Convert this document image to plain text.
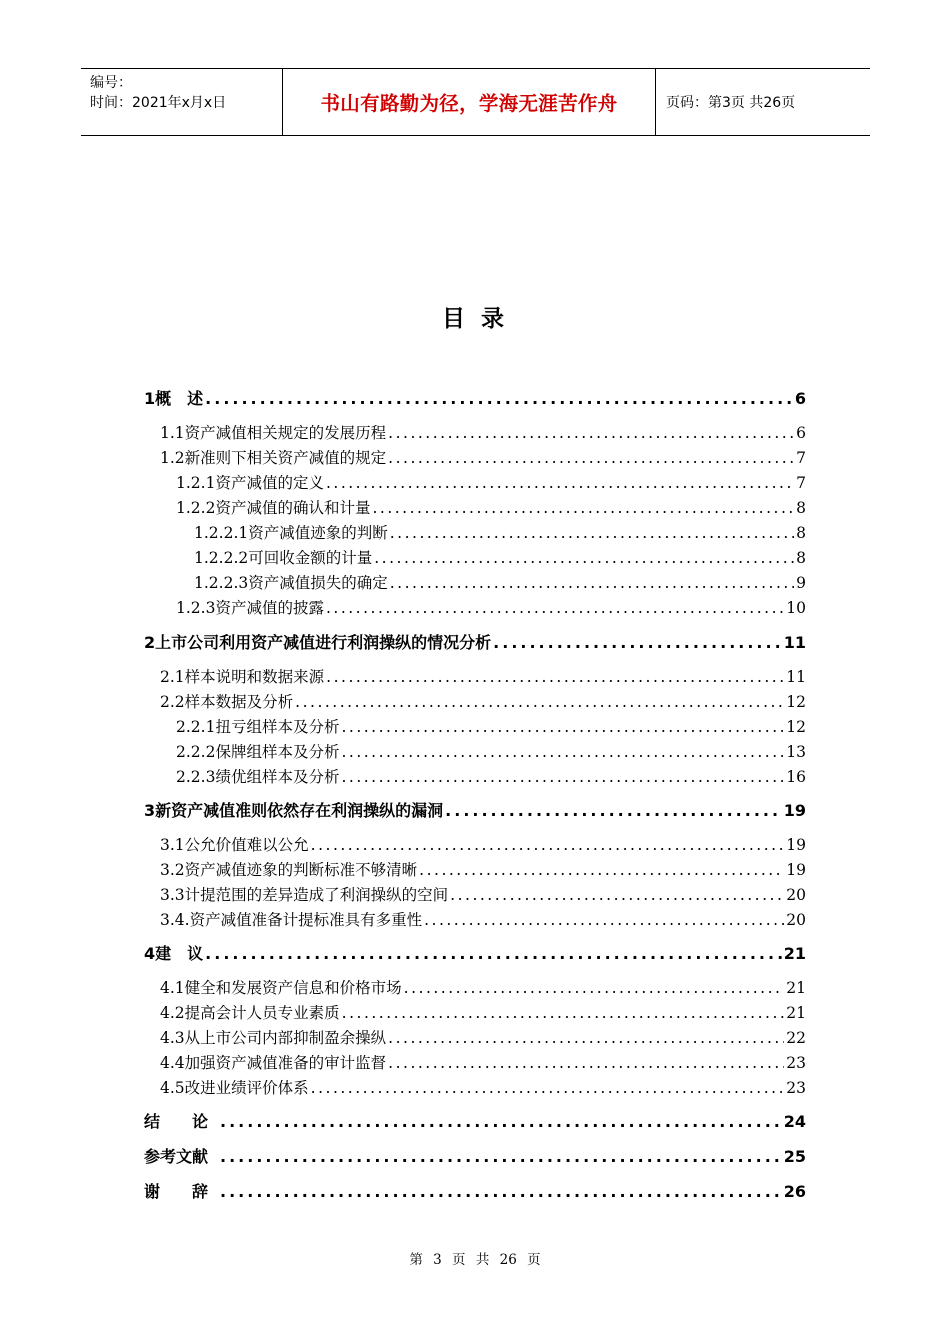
编号：
时间：2021年x月x日	书山有路勤为径，学海无涯苦作舟	页码：第3页 共26页
目 录
1 概　述 .....	6
1.1 资产减值相关规定的发展历程 .....	6
1.2 新准则下相关资产减值的规定 .....	7
1.2.1 资产减值的定义 .....	7
1.2.2 资产减值的确认和计量 .....	8
1.2.2.1 资产减值迹象的判断 .....	8
1.2.2.2 可回收金额的计量 .....	8
1.2.2.3 资产减值损失的确定 .....	9
1.2.3 资产减值的披露 .....	10
2 上市公司利用资产减值进行利润操纵的情况分析 .....	11
2.1 样本说明和数据来源 .....	11
2.2 样本数据及分析 .....	12
2.2.1 扭亏组样本及分析 .....	12
2.2.2 保牌组样本及分析 .....	13
2.2.3 绩优组样本及分析 .....	16
3 新资产减值准则依然存在利润操纵的漏洞 .....	19
3.1 公允价值难以公允 .....	19
3.2 资产减值迹象的判断标准不够清晰 .....	19
3.3 计提范围的差异造成了利润操纵的空间 .....	20
3.4. 资产减值准备计提标准具有多重性 .....	20
4 建　议 .....	21
4.1 健全和发展资产信息和价格市场 .....	21
4.2 提高会计人员专业素质 .....	21
4.3 从上市公司内部抑制盈余操纵 .....	22
4.4 加强资产减值准备的审计监督 .....	23
4.5 改进业绩评价体系 .....	23
结　　论 .....	24
参考文献 .....	25
谢　　辞 .....	26
第 3 页 共 26 页
